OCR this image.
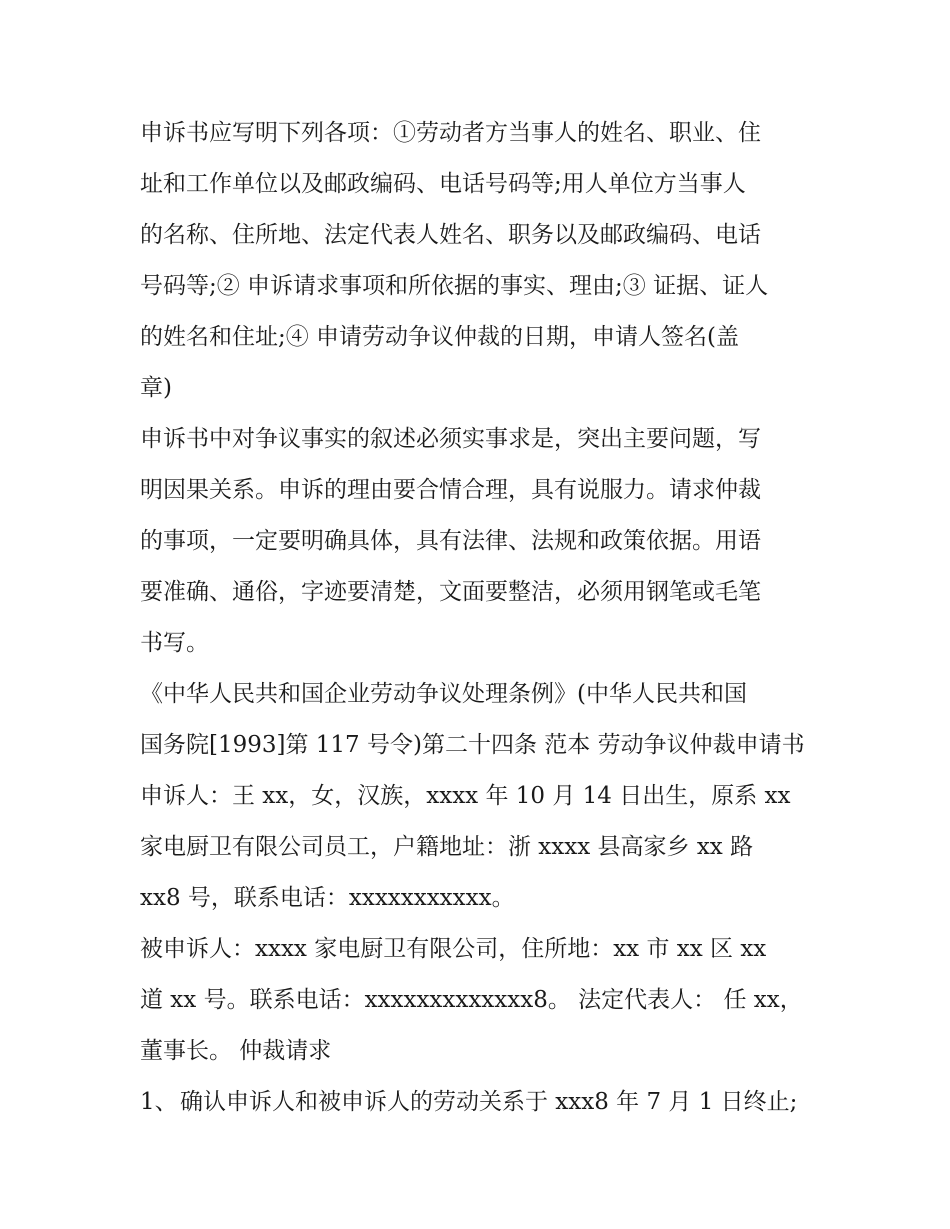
申诉书应写明下列各项：①劳动者方当事人的姓名、职业、住
址和工作单位以及邮政编码、电话号码等;用人单位方当事人
的名称、住所地、法定代表人姓名、职务以及邮政编码、电话
号码等;② 申诉请求事项和所依据的事实、理由;③ 证据、证人
的姓名和住址;④ 申请劳动争议仲裁的日期，申请人签名(盖
章)

申诉书中对争议事实的叙述必须实事求是，突出主要问题，写
明因果关系。申诉的理由要合情合理，具有说服力。请求仲裁
的事项，一定要明确具体，具有法律、法规和政策依据。用语
要准确、通俗，字迹要清楚，文面要整洁，必须用钢笔或毛笔
书写。

《中华人民共和国企业劳动争议处理条例》(中华人民共和国
国务院[1993]第 117 号令)第二十四条 范本 劳动争议仲裁申请书

申诉人：王 xx，女，汉族，xxxx 年 10 月 14 日出生，原系 xx
家电厨卫有限公司员工，户籍地址：浙 xxxx 县高家乡 xx 路
xx8 号，联系电话：xxxxxxxxxxx。

被申诉人：xxxx 家电厨卫有限公司，住所地：xx 市 xx 区 xx
道 xx 号。联系电话：xxxxxxxxxxxxx8。 法定代表人： 任 xx，
董事长。 仲裁请求

1、 确认申诉人和被申诉人的劳动关系于 xxx8 年 7 月 1 日终止;
